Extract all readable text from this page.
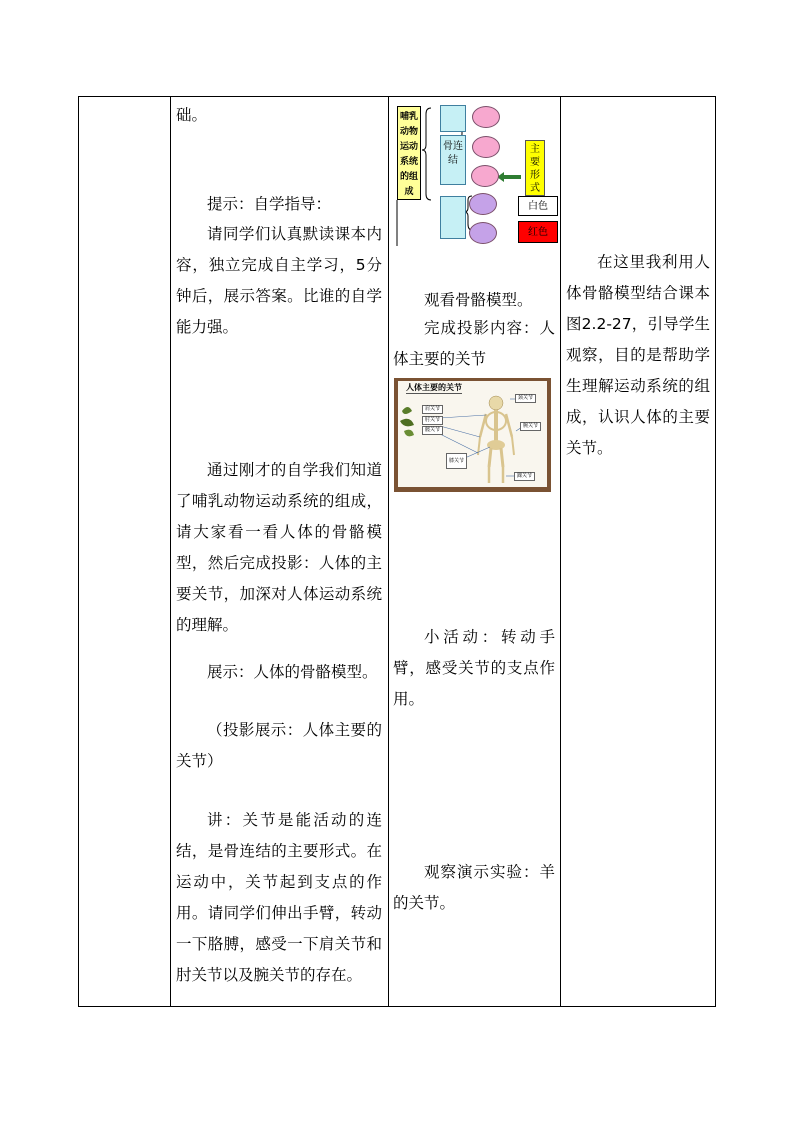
础。

提示：自学指导：

请同学们认真默读课本内容，独立完成自主学习，5分钟后，展示答案。比谁的自学能力强。

通过刚才的自学我们知道了哺乳动物运动系统的组成，请大家看一看人体的骨骼模型，然后完成投影：人体的主要关节，加深对人体运动系统的理解。

展示：人体的骨骼模型。

（投影展示：人体主要的关节）

讲：关节是能活动的连结，是骨连结的主要形式。在运动中，关节起到支点的作用。请同学们伸出手臂，转动一下胳膊，感受一下肩关节和肘关节以及腕关节的存在。

哺乳动物运动系统的组成
骨连结
主要形式
白色
红色

观看骨骼模型。

完成投影内容：人体主要的关节

人体主要的关节
颈关节
肩关节
肘关节
腕关节
髋关节
膝关节
踝关节

小活动：转动手臂，感受关节的支点作用。

观察演示实验：羊的关节。

在这里我利用人体骨骼模型结合课本图2.2-27，引导学生观察，目的是帮助学生理解运动系统的组成，认识人体的主要关节。
